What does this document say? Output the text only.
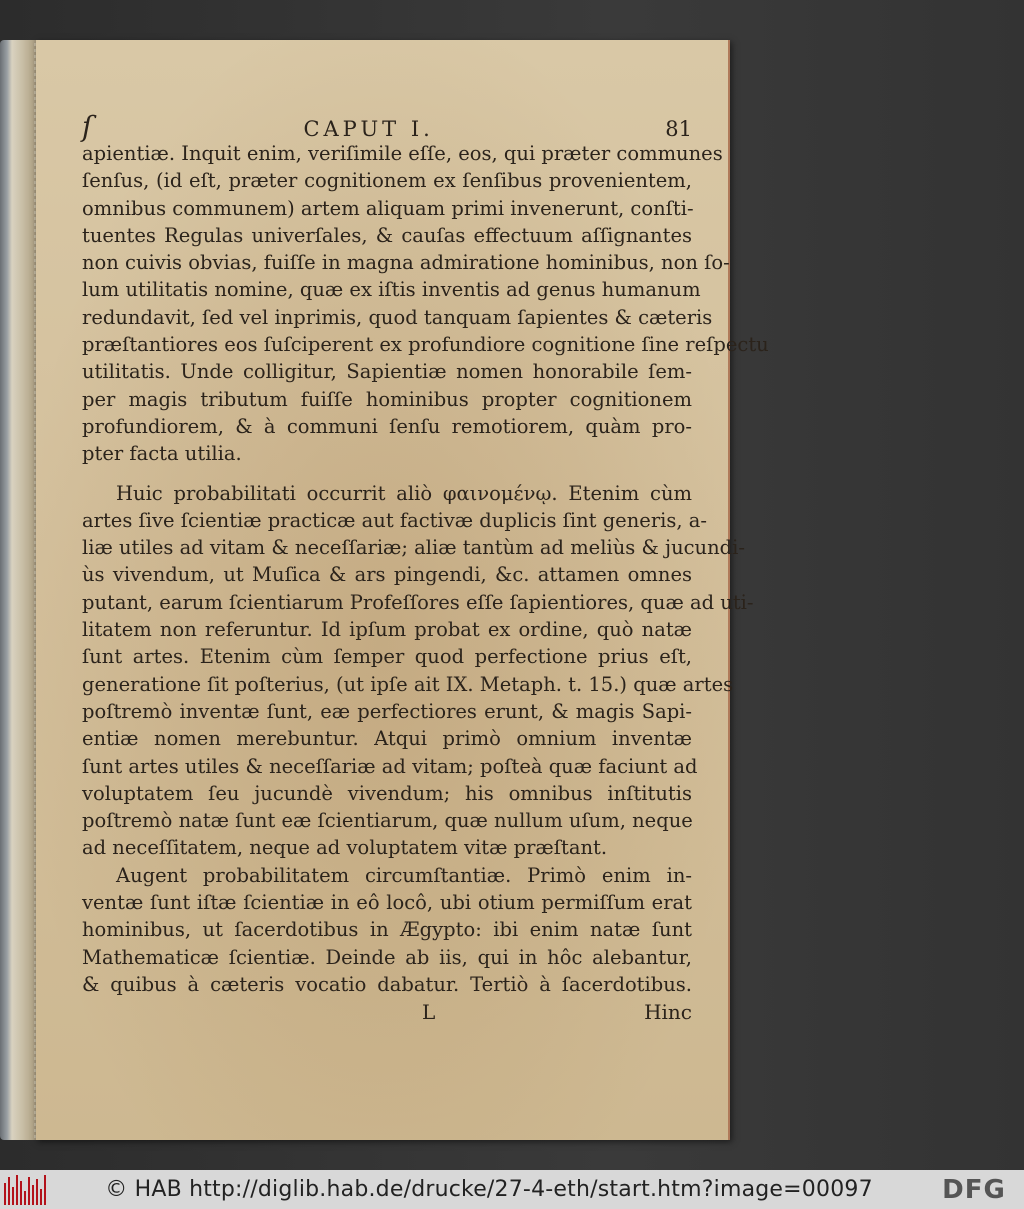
ſ	CAPUT I.	81
apientiæ. Inquit enim, veriſimile eſſe, eos, qui præter communes
ſenſus, (id eſt, præter cognitionem ex ſenſibus provenientem,
omnibus communem) artem aliquam primi invenerunt, conſti-
tuentes Regulas univerſales, & cauſas effectuum aſſignantes
non cuivis obvias, fuiſſe in magna admiratione hominibus, non ſo-
lum utilitatis nomine, quæ ex iſtis inventis ad genus humanum
redundavit, ſed vel inprimis, quod tanquam ſapientes & cæteris
præſtantiores eos ſuſciperent ex profundiore cognitione ſine reſpectu
utilitatis. Unde colligitur, Sapientiæ nomen honorabile ſem-
per magis tributum fuiſſe hominibus propter cognitionem
profundiorem, & à communi ſenſu remotiorem, quàm pro-
pter facta utilia.
Huic probabilitati occurrit aliò φαινομένῳ. Etenim cùm
artes ſive ſcientiæ practicæ aut factivæ duplicis ſint generis, a-
liæ utiles ad vitam & neceſſariæ; aliæ tantùm ad meliùs & jucundi-
ùs vivendum, ut Muſica & ars pingendi, &c. attamen omnes
putant, earum ſcientiarum Profeſſores eſſe ſapientiores, quæ ad uti-
litatem non referuntur. Id ipſum probat ex ordine, quò natæ
ſunt artes. Etenim cùm ſemper quod perfectione prius eſt,
generatione ſit poſterius, (ut ipſe ait IX. Metaph. t. 15.) quæ artes
poſtremò inventæ ſunt, eæ perfectiores erunt, & magis Sapi-
entiæ nomen merebuntur. Atqui primò omnium inventæ
ſunt artes utiles & neceſſariæ ad vitam; poſteà quæ faciunt ad
voluptatem ſeu jucundè vivendum; his omnibus inſtitutis
poſtremò natæ ſunt eæ ſcientiarum, quæ nullum uſum, neque
ad neceſſitatem, neque ad voluptatem vitæ præſtant.
Augent probabilitatem circumſtantiæ. Primò enim in-
ventæ ſunt iſtæ ſcientiæ in eô locô, ubi otium permiſſum erat
hominibus, ut ſacerdotibus in Ægypto: ibi enim natæ ſunt
Mathematicæ ſcientiæ. Deinde ab iis, qui in hôc alebantur,
& quibus à cæteris vocatio dabatur. Tertiò à ſacerdotibus.
L	Hinc
© HAB http://diglib.hab.de/drucke/27-4-eth/start.htm?image=00097	DFG
